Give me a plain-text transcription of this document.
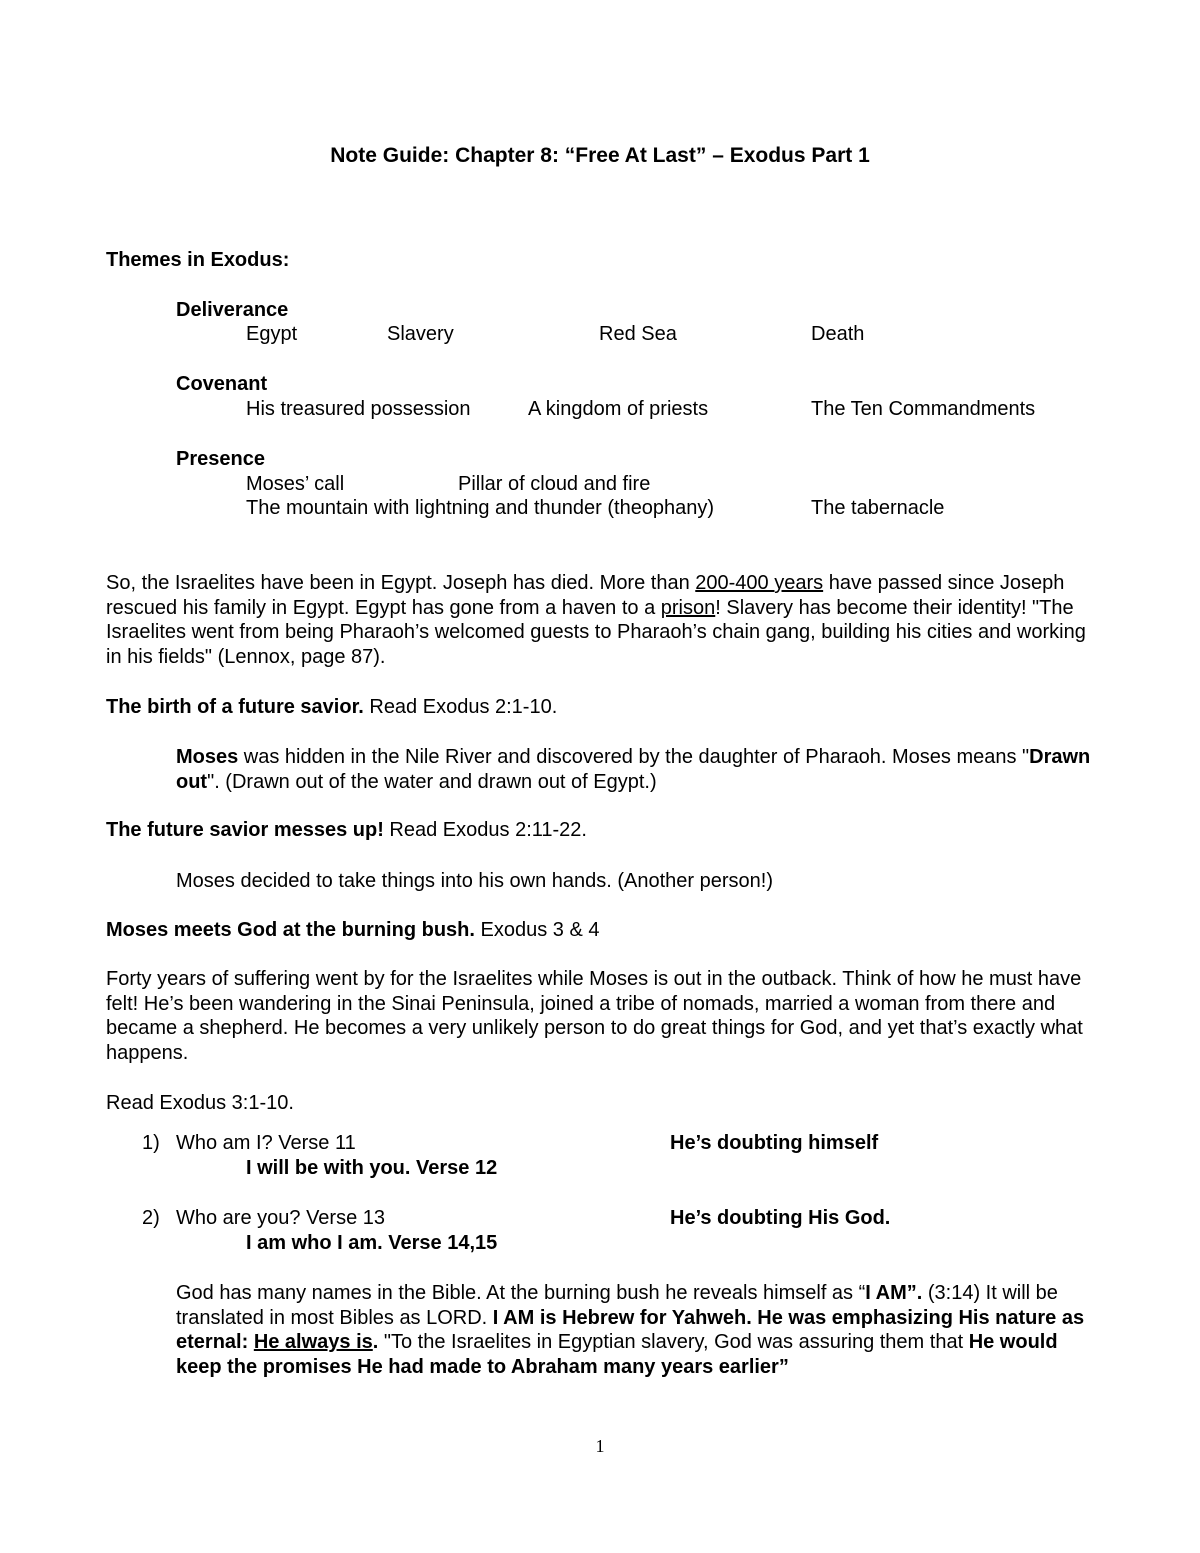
Note Guide: Chapter 8: “Free At Last” – Exodus Part 1
Themes in Exodus:
Deliverance
Egypt	Slavery	Red Sea	Death
Covenant
His treasured possession	A kingdom of priests	The Ten Commandments
Presence
Moses’ call	Pillar of cloud and fire
The mountain with lightning and thunder (theophany)	The tabernacle
So, the Israelites have been in Egypt. Joseph has died. More than 200-400 years have passed since Joseph rescued his family in Egypt. Egypt has gone from a haven to a prison! Slavery has become their identity! "The Israelites went from being Pharaoh’s welcomed guests to Pharaoh’s chain gang, building his cities and working in his fields" (Lennox, page 87).
The birth of a future savior. Read Exodus 2:1-10.
Moses was hidden in the Nile River and discovered by the daughter of Pharaoh. Moses means "Drawn out". (Drawn out of the water and drawn out of Egypt.)
The future savior messes up! Read Exodus 2:11-22.
Moses decided to take things into his own hands. (Another person!)
Moses meets God at the burning bush. Exodus 3 & 4
Forty years of suffering went by for the Israelites while Moses is out in the outback. Think of how he must have felt! He’s been wandering in the Sinai Peninsula, joined a tribe of nomads, married a woman from there and became a shepherd. He becomes a very unlikely person to do great things for God, and yet that’s exactly what happens.
Read Exodus 3:1-10.
1) Who am I? Verse 11	He’s doubting himself
I will be with you. Verse 12
2) Who are you? Verse 13	He’s doubting His God.
I am who I am. Verse 14,15
God has many names in the Bible. At the burning bush he reveals himself as “I AM”. (3:14) It will be translated in most Bibles as LORD. I AM is Hebrew for Yahweh. He was emphasizing His nature as eternal: He always is. "To the Israelites in Egyptian slavery, God was assuring them that He would keep the promises He had made to Abraham many years earlier”
1
